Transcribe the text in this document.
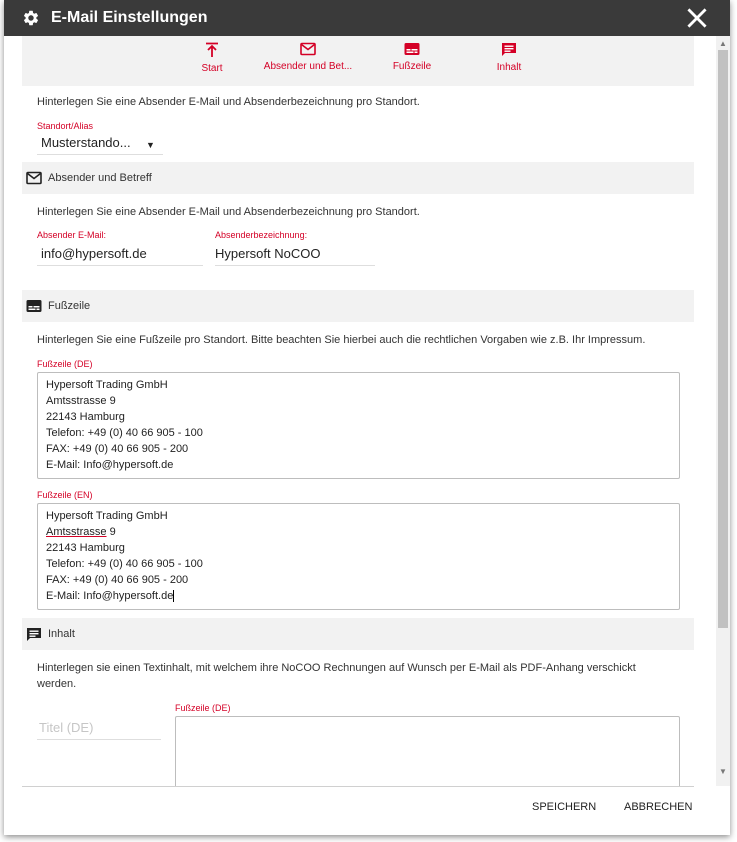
E-Mail Einstellungen
Start	Absender und Bet...	Fußzeile	Inhalt
Hinterlegen Sie eine Absender E-Mail und Absenderbezeichnung pro Standort.
Standort/Alias
Musterstando...	▼
Absender und Betreff
Hinterlegen Sie eine Absender E-Mail und Absenderbezeichnung pro Standort.
Absender E-Mail:
info@hypersoft.de
Absenderbezeichnung:
Hypersoft NoCOO
Fußzeile
Hinterlegen Sie eine Fußzeile pro Standort. Bitte beachten Sie hierbei auch die rechtlichen Vorgaben wie z.B. Ihr Impressum.
Fußzeile (DE)
Hypersoft Trading GmbH
Amtsstrasse 9
22143 Hamburg
Telefon: +49 (0) 40 66 905 - 100
FAX: +49 (0) 40 66 905 - 200
E-Mail: Info@hypersoft.de
Fußzeile (EN)
Hypersoft Trading GmbH
Amtsstrasse 9
22143 Hamburg
Telefon: +49 (0) 40 66 905 - 100
FAX: +49 (0) 40 66 905 - 200
E-Mail: Info@hypersoft.de
Inhalt
Hinterlegen sie einen Textinhalt, mit welchem ihre NoCOO Rechnungen auf Wunsch per E-Mail als PDF-Anhang verschickt
werden.
Titel (DE)
Fußzeile (DE)
▲
▼
SPEICHERN	ABBRECHEN
